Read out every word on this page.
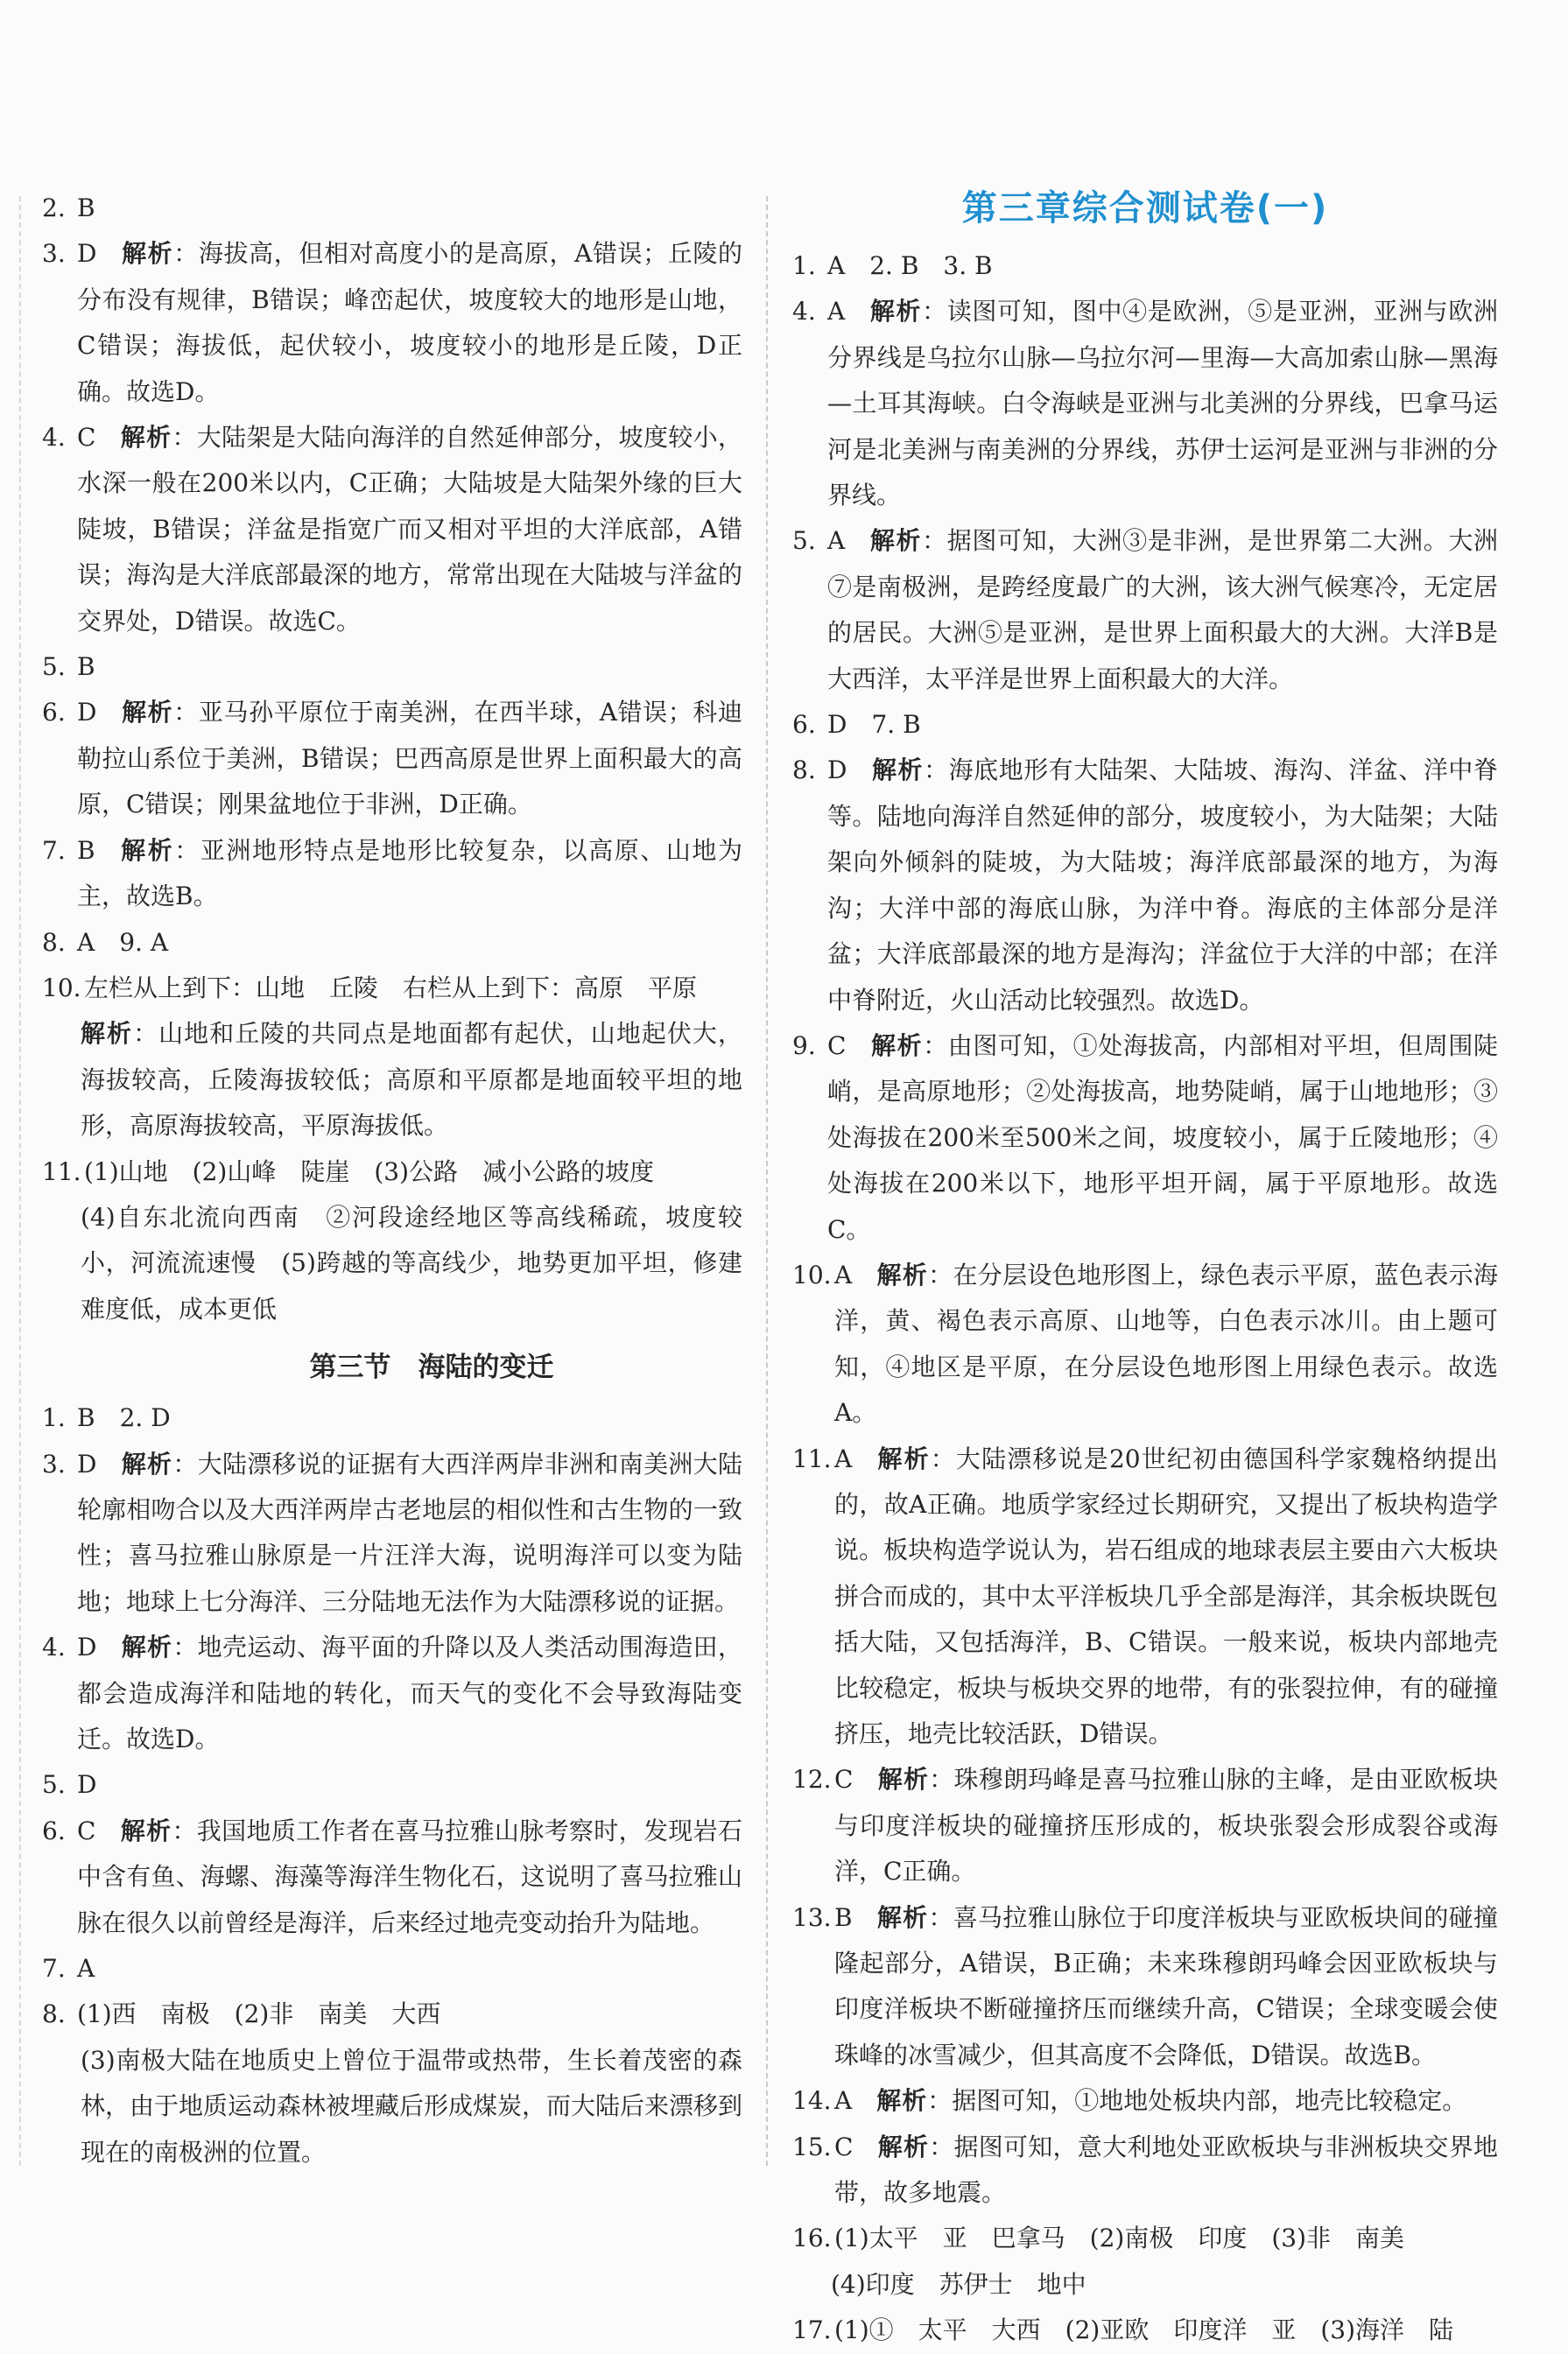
2. B
3. D 解析：海拔高，但相对高度小的是高原，A错误；丘陵的分布没有规律，B错误；峰峦起伏，坡度较大的地形是山地，C错误；海拔低，起伏较小，坡度较小的地形是丘陵，D正确。故选D。
4. C 解析：大陆架是大陆向海洋的自然延伸部分，坡度较小，水深一般在200米以内，C正确；大陆坡是大陆架外缘的巨大陡坡，B错误；洋盆是指宽广而又相对平坦的大洋底部，A错误；海沟是大洋底部最深的地方，常常出现在大陆坡与洋盆的交界处，D错误。故选C。
5. B
6. D 解析：亚马孙平原位于南美洲，在西半球，A错误；科迪勒拉山系位于美洲，B错误；巴西高原是世界上面积最大的高原，C错误；刚果盆地位于非洲，D正确。
7. B 解析：亚洲地形特点是地形比较复杂，以高原、山地为主，故选B。
8. A　9. A
10. 左栏从上到下：山地　丘陵　右栏从上到下：高原　平原
解析：山地和丘陵的共同点是地面都有起伏，山地起伏大，海拔较高，丘陵海拔较低；高原和平原都是地面较平坦的地形，高原海拔较高，平原海拔低。
11. (1)山地　(2)山峰　陡崖　(3)公路　减小公路的坡度
(4)自东北流向西南　②河段途经地区等高线稀疏，坡度较小，河流流速慢　(5)跨越的等高线少，地势更加平坦，修建难度低，成本更低
第三节　海陆的变迁
1. B　2. D
3. D 解析：大陆漂移说的证据有大西洋两岸非洲和南美洲大陆轮廓相吻合以及大西洋两岸古老地层的相似性和古生物的一致性；喜马拉雅山脉原是一片汪洋大海，说明海洋可以变为陆地；地球上七分海洋、三分陆地无法作为大陆漂移说的证据。
4. D 解析：地壳运动、海平面的升降以及人类活动围海造田，都会造成海洋和陆地的转化，而天气的变化不会导致海陆变迁。故选D。
5. D
6. C 解析：我国地质工作者在喜马拉雅山脉考察时，发现岩石中含有鱼、海螺、海藻等海洋生物化石，这说明了喜马拉雅山脉在很久以前曾经是海洋，后来经过地壳变动抬升为陆地。
7. A
8. (1)西　南极　(2)非　南美　大西
(3)南极大陆在地质史上曾位于温带或热带，生长着茂密的森林，由于地质运动森林被埋藏后形成煤炭，而大陆后来漂移到现在的南极洲的位置。
第三章综合测试卷(一)
1. A　2. B　3. B
4. A 解析：读图可知，图中④是欧洲，⑤是亚洲，亚洲与欧洲分界线是乌拉尔山脉—乌拉尔河—里海—大高加索山脉—黑海—土耳其海峡。白令海峡是亚洲与北美洲的分界线，巴拿马运河是北美洲与南美洲的分界线，苏伊士运河是亚洲与非洲的分界线。
5. A 解析：据图可知，大洲③是非洲，是世界第二大洲。大洲⑦是南极洲，是跨经度最广的大洲，该大洲气候寒冷，无定居的居民。大洲⑤是亚洲，是世界上面积最大的大洲。大洋B是大西洋，太平洋是世界上面积最大的大洋。
6. D　7. B
8. D 解析：海底地形有大陆架、大陆坡、海沟、洋盆、洋中脊等。陆地向海洋自然延伸的部分，坡度较小，为大陆架；大陆架向外倾斜的陡坡，为大陆坡；海洋底部最深的地方，为海沟；大洋中部的海底山脉，为洋中脊。海底的主体部分是洋盆；大洋底部最深的地方是海沟；洋盆位于大洋的中部；在洋中脊附近，火山活动比较强烈。故选D。
9. C 解析：由图可知，①处海拔高，内部相对平坦，但周围陡峭，是高原地形；②处海拔高，地势陡峭，属于山地地形；③处海拔在200米至500米之间，坡度较小，属于丘陵地形；④处海拔在200米以下，地形平坦开阔，属于平原地形。故选C。
10. A 解析：在分层设色地形图上，绿色表示平原，蓝色表示海洋，黄、褐色表示高原、山地等，白色表示冰川。由上题可知，④地区是平原，在分层设色地形图上用绿色表示。故选A。
11. A 解析：大陆漂移说是20世纪初由德国科学家魏格纳提出的，故A正确。地质学家经过长期研究，又提出了板块构造学说。板块构造学说认为，岩石组成的地球表层主要由六大板块拼合而成的，其中太平洋板块几乎全部是海洋，其余板块既包括大陆，又包括海洋，B、C错误。一般来说，板块内部地壳比较稳定，板块与板块交界的地带，有的张裂拉伸，有的碰撞挤压，地壳比较活跃，D错误。
12. C 解析：珠穆朗玛峰是喜马拉雅山脉的主峰，是由亚欧板块与印度洋板块的碰撞挤压形成的，板块张裂会形成裂谷或海洋，C正确。
13. B 解析：喜马拉雅山脉位于印度洋板块与亚欧板块间的碰撞隆起部分，A错误，B正确；未来珠穆朗玛峰会因亚欧板块与印度洋板块不断碰撞挤压而继续升高，C错误；全球变暖会使珠峰的冰雪减少，但其高度不会降低，D错误。故选B。
14. A 解析：据图可知，①地地处板块内部，地壳比较稳定。
15. C 解析：据图可知，意大利地处亚欧板块与非洲板块交界地带，故多地震。
16. (1)太平　亚　巴拿马　(2)南极　印度　(3)非　南美
(4)印度　苏伊士　地中
17. (1)①　太平　大西　(2)亚欧　印度洋　亚　(3)海洋　陆
